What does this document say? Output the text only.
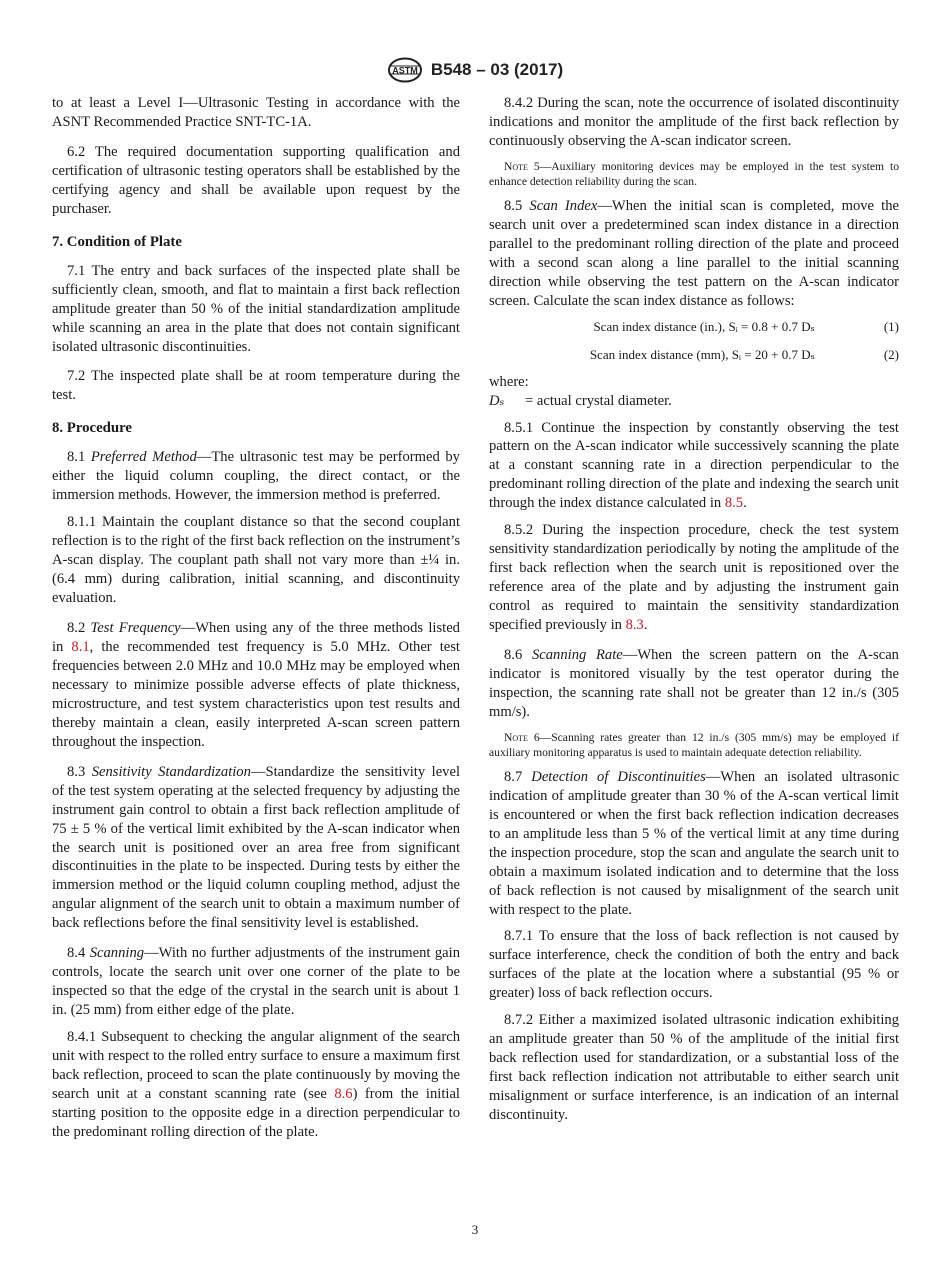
ASTM B548 – 03 (2017)

to at least a Level I—Ultrasonic Testing in accordance with the ASNT Recommended Practice SNT-TC-1A.

6.2 The required documentation supporting qualification and certification of ultrasonic testing operators shall be established by the certifying agency and shall be available upon request by the purchaser.

7. Condition of Plate

7.1 The entry and back surfaces of the inspected plate shall be sufficiently clean, smooth, and flat to maintain a first back reflection amplitude greater than 50 % of the initial standardization amplitude while scanning an area in the plate that does not contain significant isolated ultrasonic discontinuities.

7.2 The inspected plate shall be at room temperature during the test.

8. Procedure

8.1 Preferred Method—The ultrasonic test may be performed by either the liquid column coupling, the direct contact, or the immersion methods. However, the immersion method is preferred.

8.1.1 Maintain the couplant distance so that the second couplant reflection is to the right of the first back reflection on the instrument’s A-scan display. The couplant path shall not vary more than ±¼ in. (6.4 mm) during calibration, initial scanning, and discontinuity evaluation.

8.2 Test Frequency—When using any of the three methods listed in 8.1, the recommended test frequency is 5.0 MHz. Other test frequencies between 2.0 MHz and 10.0 MHz may be employed when necessary to minimize possible adverse effects of plate thickness, microstructure, and test system characteristics upon test results and thereby maintain a clean, easily interpreted A-scan screen pattern throughout the inspection.

8.3 Sensitivity Standardization—Standardize the sensitivity level of the test system operating at the selected frequency by adjusting the instrument gain control to obtain a first back reflection amplitude of 75 ± 5 % of the vertical limit exhibited by the A-scan indicator when the search unit is positioned over an area free from significant discontinuities in the plate to be inspected. During tests by either the immersion method or the liquid column coupling method, adjust the angular alignment of the search unit to obtain a maximum number of back reflections before the final sensitivity level is established.

8.4 Scanning—With no further adjustments of the instrument gain controls, locate the search unit over one corner of the plate to be inspected so that the edge of the crystal in the search unit is about 1 in. (25 mm) from either edge of the plate.

8.4.1 Subsequent to checking the angular alignment of the search unit with respect to the rolled entry surface to ensure a maximum first back reflection, proceed to scan the plate continuously by moving the search unit at a constant scanning rate (see 8.6) from the initial starting position to the opposite edge in a direction perpendicular to the predominant rolling direction of the plate.

8.4.2 During the scan, note the occurrence of isolated discontinuity indications and monitor the amplitude of the first back reflection by continuously observing the A-scan indicator screen.

Note 5—Auxiliary monitoring devices may be employed in the test system to enhance detection reliability during the scan.

8.5 Scan Index—When the initial scan is completed, move the search unit over a predetermined scan index distance in a direction parallel to the predominant rolling direction of the plate and proceed with a second scan along a line parallel to the initial scanning direction while observing the test pattern on the A-scan indicator screen. Calculate the scan index distance as follows:

Scan index distance (in.), Sᵢ = 0.8 + 0.7 Dₛ	(1)
Scan index distance (mm), Sᵢ = 20 + 0.7 Dₛ	(2)

where:

Dₛ	= actual crystal diameter.

8.5.1 Continue the inspection by constantly observing the test pattern on the A-scan indicator while successively scanning the plate at a constant scanning rate in a direction perpendicular to the predominant rolling direction of the plate and indexing the search unit through the index distance calculated in 8.5.

8.5.2 During the inspection procedure, check the test system sensitivity standardization periodically by noting the amplitude of the first back reflection when the search unit is repositioned over the reference area of the plate and by adjusting the instrument gain control as required to maintain the sensitivity standardization specified previously in 8.3.

8.6 Scanning Rate—When the screen pattern on the A-scan indicator is monitored visually by the test operator during the inspection, the scanning rate shall not be greater than 12 in./s (305 mm/s).

Note 6—Scanning rates greater than 12 in./s (305 mm/s) may be employed if auxiliary monitoring apparatus is used to maintain adequate detection reliability.

8.7 Detection of Discontinuities—When an isolated ultrasonic indication of amplitude greater than 30 % of the A-scan vertical limit is encountered or when the first back reflection indication decreases to an amplitude less than 5 % of the vertical limit at any time during the inspection procedure, stop the scan and angulate the search unit to obtain a maximum isolated indication and to determine that the loss of back reflection is not caused by misalignment of the search unit with respect to the plate.

8.7.1 To ensure that the loss of back reflection is not caused by surface interference, check the condition of both the entry and back surfaces of the plate at the location where a substantial (95 % or greater) loss of back reflection occurs.

8.7.2 Either a maximized isolated ultrasonic indication exhibiting an amplitude greater than 50 % of the amplitude of the initial first back reflection used for standardization, or a substantial loss of the first back reflection indication not attributable to either search unit misalignment or surface interference, is an indication of an internal discontinuity.

3
